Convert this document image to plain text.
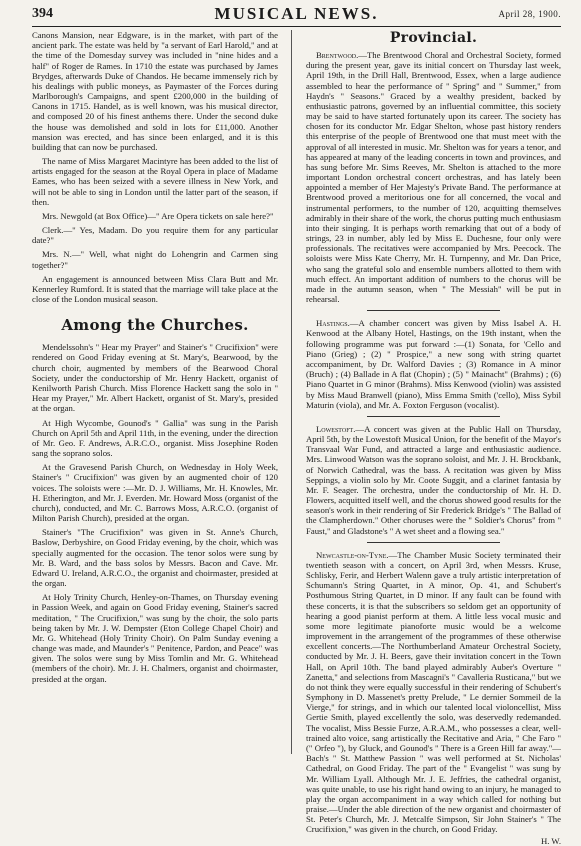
394	MUSICAL NEWS.	April 28, 1900.

Canons Mansion, near Edgware, is in the market, with part of the ancient park. The estate was held by "a servant of Earl Harold," and at the time of the Domesday survey was included in "nine hides and a half" of Roger de Rames. In 1710 the estate was purchased by James Brydges, afterwards Duke of Chandos. He became immensely rich by his dealings with public moneys, as Paymaster of the Forces during Marlborough's Campaigns, and spent £200,000 in the building of Canons in 1715. Handel, as is well known, was his musical director, and composed 20 of his finest anthems there. Under the second duke the house was demolished and sold in lots for £11,000. Another mansion was erected, and has since been enlarged, and it is this building that can now be purchased.

The name of Miss Margaret Macintyre has been added to the list of artists engaged for the season at the Royal Opera in place of Madame Eames, who has been seized with a severe illness in New York, and will not be able to sing in London until the latter part of the season, if then.

Mrs. Newgold (at Box Office)—" Are Opera tickets on sale here?"

Clerk.—" Yes, Madam. Do you require them for any particular date?"

Mrs. N.—" Well, what night do Lohengrin and Carmen sing together?"

An engagement is announced between Miss Clara Butt and Mr. Kennerley Rumford. It is stated that the marriage will take place at the close of the London musical season.

Among the Churches.

Mendelssohn's " Hear my Prayer" and Stainer's " Crucifixion" were rendered on Good Friday evening at St. Mary's, Bearwood, by the church choir, augmented by members of the Bearwood Choral Society, under the conductorship of Mr. Henry Hackett, organist of Kenilworth Parish Church. Miss Florence Hackett sang the solo in " Hear my Prayer," Mr. Albert Hackett, organist of St. Mary's, presided at the organ.

At High Wycombe, Gounod's " Gallia" was sung in the Parish Church on April 5th and April 11th, in the evening, under the direction of Mr. Geo. F. Andrews, A.R.C.O., organist. Miss Josephine Roden sang the soprano solos.

At the Gravesend Parish Church, on Wednesday in Holy Week, Stainer's " Crucifixion" was given by an augmented choir of 120 voices. The soloists were :—Mr. D. J. Williams, Mr. H. Knowles, Mr. H. Etherington, and Mr. J. Everden. Mr. Howard Moss (organist of the church), conducted, and Mr. C. Barrows Moss, A.R.C.O. (organist of Milton Parish Church), presided at the organ.

Stainer's "The Crucifixion" was given in St. Anne's Church, Baslow, Derbyshire, on Good Friday evening, by the choir, which was specially augmented for the occasion. The tenor solos were sung by Mr. B. Ward, and the bass solos by Messrs. Bacon and Cave. Mr. Edward U. Ireland, A.R.C.O., the organist and choirmaster, presided at the organ.

At Holy Trinity Church, Henley-on-Thames, on Thursday evening in Passion Week, and again on Good Friday evening, Stainer's sacred meditation, " The Crucifixion," was sung by the choir, the solo parts being taken by Mr. J. W. Dempster (Eton College Chapel Choir) and Mr. G. Whitehead (Holy Trinity Choir). On Palm Sunday evening a change was made, and Maunder's " Penitence, Pardon, and Peace" was given. The solos were sung by Miss Tomlin and Mr. G. Whitehead (members of the choir). Mr. J. H. Chalmers, organist and choirmaster, presided at the organ.

Provincial.

Brentwood.—The Brentwood Choral and Orchestral Society, formed during the present year, gave its initial concert on Thursday last week, April 19th, in the Drill Hall, Brentwood, Essex, when a large audience assembled to hear the performance of " Spring" and " Summer," from Haydn's " Seasons." Graced by a wealthy president, backed by enthusiastic patrons, governed by an influential committee, this society may be said to have started fortunately upon its career. The society has chosen for its conductor Mr. Edgar Shelton, whose past history renders this enterprise of the people of Brentwood one that must meet with the approval of all interested in music. Mr. Shelton was for years a tenor, and has appeared at many of the leading concerts in town and provinces, and has sung before Mr. Sims Reeves, Mr. Shelton is attached to the more important London orchestral concert orchestras, and has lately been appointed a member of Her Majesty's Private Band. The performance at Brentwood proved a meritorious one for all concerned, the vocal and instrumental performers, to the number of 120, acquitting themselves admirably in their share of the work, the chorus putting much enthusiasm into their singing. It is perhaps worth remarking that out of a body of strings, 23 in number, ably led by Miss E. Duchesne, four only were professionals. The recitatives were accompanied by Mrs. Peecock. The soloists were Miss Kate Cherry, Mr. H. Turnpenny, and Mr. Dan Price, who sang the grateful solo and ensemble numbers allotted to them with much effect. An important addition of numbers to the chorus will be made in the autumn season, when " The Messiah" will be put in rehearsal.

Hastings.—A chamber concert was given by Miss Isabel A. H. Kenwood at the Albany Hotel, Hastings, on the 19th instant, when the following programme was put forward :—(1) Sonata, for 'Cello and Piano (Grieg) ; (2) " Prospice," a new song with string quartet accompaniment, by Dr. Walford Davies ; (3) Romance in A minor (Bruch) ; (4) Ballade in A flat (Chopin) ; (5) " Mainacht" (Brahms) ; (6) Piano Quartet in G minor (Brahms). Miss Kenwood (violin) was assisted by Miss Maud Branwell (piano), Miss Emma Smith ('cello), Miss Sybil Maturin (viola), and Mr. A. Foxton Ferguson (vocalist).

Lowestoft.—A concert was given at the Public Hall on Thursday, April 5th, by the Lowestoft Musical Union, for the benefit of the Mayor's Transvaal War Fund, and attracted a large and enthusiastic audience. Mrs. Linwood Watson was the soprano soloist, and Mr. J. H. Brockbank, of Norwich Cathedral, was the bass. A recitation was given by Miss Seppings, a violin solo by Mr. Coote Suggit, and a clarinet fantasia by Mr. F. Seager. The orchestra, under the conductorship of Mr. H. D. Flowers, acquitted itself well, and the chorus showed good results for the season's work in their rendering of Sir Frederick Bridge's " The Ballad of the Clampherdown." Other choruses were the " Soldier's Chorus" from " Faust," and Gladstone's " A wet sheet and a flowing sea."

Newcastle-on-Tyne.—The Chamber Music Society terminated their twentieth season with a concert, on April 3rd, when Messrs. Kruse, Schlisky, Ferir, and Herbert Walenn gave a truly artistic interpretation of Schumann's String Quartet, in A minor, Op. 41, and Schubert's Posthumous String Quartet, in D minor. If any fault can be found with these concerts, it is that the subscribers so seldom get an opportunity of hearing a good pianist perform at them. A little less vocal music and some more legitimate pianoforte music would be a welcome improvement in the arrangement of the programmes of these otherwise excellent concerts.—The Northumberland Amateur Orchestral Society, conducted by Mr. J. H. Beers, gave their invitation concert in the Town Hall, on April 10th. The band played admirably Auber's Overture " Zanetta," and selections from Mascagni's " Cavalleria Rusticana," but we do not think they were equally successful in their rendering of Schubert's Symphony in D. Massenet's pretty Prelude, " Le dernier Sommeil de la Vierge," for strings, and in which our talented local violoncellist, Miss Gertie Smith, played excellently the solo, was deservedly redemanded. The vocalist, Miss Bessie Furze, A.R.A.M., who possesses a clear, well-trained alto voice, sang artistically the Recitative and Aria, " Che Faro " (" Orfeo "), by Gluck, and Gounod's " There is a Green Hill far away."—Bach's " St. Matthew Passion " was well performed at St. Nicholas' Cathedral, on Good Friday. The part of the " Evangelist " was sung by Mr. William Lyall. Although Mr. J. E. Jeffries, the cathedral organist, was quite unable, to use his right hand owing to an injury, he managed to play the organ accompaniment in a way which called for nothing but praise.—Under the able direction of the new organist and choirmaster of St. Peter's Church, Mr. J. Metcalfe Simpson, Sir John Stainer's " The Crucifixion," was given in the church, on Good Friday.

H. W.
